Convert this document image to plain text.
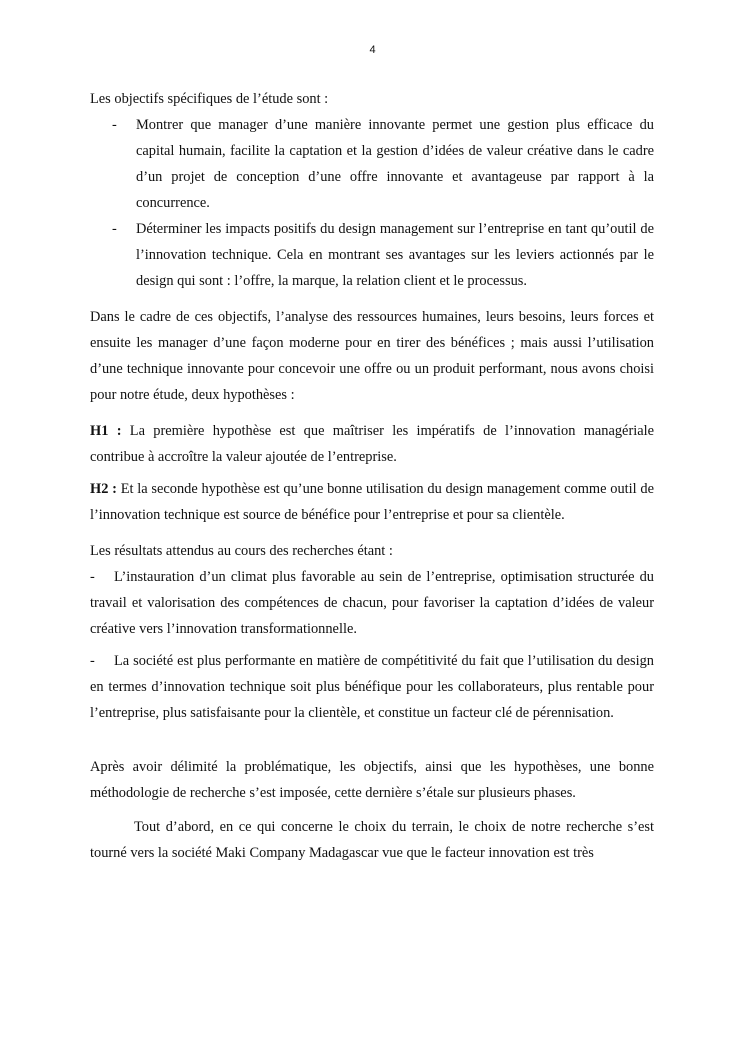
4

Les objectifs spécifiques de l’étude sont :

- Montrer que manager d’une manière innovante permet une gestion plus efficace du capital humain, facilite la captation et la gestion d’idées de valeur créative dans le cadre d’un projet de conception d’une offre innovante et avantageuse par rapport à la concurrence.
- Déterminer les impacts positifs du design management sur l’entreprise en tant qu’outil de l’innovation technique. Cela en montrant ses avantages sur les leviers actionnés par le design qui sont : l’offre, la marque, la relation client et le processus.

Dans le cadre de ces objectifs, l’analyse des ressources humaines, leurs besoins, leurs forces et ensuite les manager d’une façon moderne pour en tirer des bénéfices ; mais aussi l’utilisation d’une technique innovante pour concevoir une offre ou un produit performant, nous avons choisi pour notre étude, deux hypothèses :

H1 : La première hypothèse est que maîtriser les impératifs de l’innovation managériale contribue à accroître la valeur ajoutée de l’entreprise.

H2 : Et la seconde hypothèse est qu’une bonne utilisation du design management comme outil de l’innovation technique est source de bénéfice pour l’entreprise et pour sa clientèle.

Les résultats attendus au cours des recherches étant :

- L’instauration d’un climat plus favorable au sein de l’entreprise, optimisation structurée du travail et valorisation des compétences de chacun, pour favoriser la captation d’idées de valeur créative vers l’innovation transformationnelle.

- La société est plus performante en matière de compétitivité du fait que l’utilisation du design en termes d’innovation technique soit plus bénéfique pour les collaborateurs, plus rentable pour l’entreprise, plus satisfaisante pour la clientèle, et constitue un facteur clé de pérennisation.

Après avoir délimité la problématique, les objectifs, ainsi que les hypothèses, une bonne méthodologie de recherche s’est imposée, cette dernière s’étale sur plusieurs phases.

Tout d’abord, en ce qui concerne le choix du terrain, le choix de notre recherche s’est tourné vers la société Maki Company Madagascar vue que le facteur innovation est très
